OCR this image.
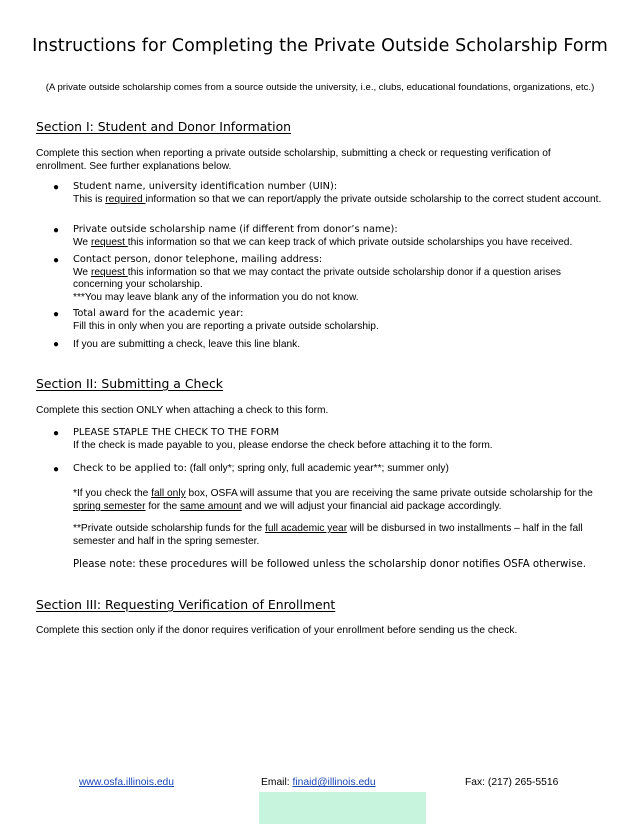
Instructions for Completing the Private Outside Scholarship Form
(A private outside scholarship comes from a source outside the university, i.e., clubs, educational foundations, organizations, etc.)
Section I: Student and Donor Information
Complete this section when reporting a private outside scholarship, submitting a check or requesting verification of enrollment. See further explanations below.
● Student name, university identification number (UIN):
This is required information so that we can report/apply the private outside scholarship to the correct student account.
● Private outside scholarship name (if different from donor’s name):
We request this information so that we can keep track of which private outside scholarships you have received.
● Contact person, donor telephone, mailing address:
We request this information so that we may contact the private outside scholarship donor if a question arises concerning your scholarship.
***You may leave blank any of the information you do not know.
● Total award for the academic year:
Fill this in only when you are reporting a private outside scholarship.
● If you are submitting a check, leave this line blank.
Section II: Submitting a Check
Complete this section ONLY when attaching a check to this form.
● PLEASE STAPLE THE CHECK TO THE FORM
If the check is made payable to you, please endorse the check before attaching it to the form.
● Check to be applied to: (fall only*; spring only, full academic year**; summer only)
*If you check the fall only box, OSFA will assume that you are receiving the same private outside scholarship for the spring semester for the same amount and we will adjust your financial aid package accordingly.
**Private outside scholarship funds for the full academic year will be disbursed in two installments – half in the fall semester and half in the spring semester.
Please note: these procedures will be followed unless the scholarship donor notifies OSFA otherwise.
Section III: Requesting Verification of Enrollment
Complete this section only if the donor requires verification of your enrollment before sending us the check.
www.osfa.illinois.edu	Email: finaid@illinois.edu	Fax: (217) 265-5516
